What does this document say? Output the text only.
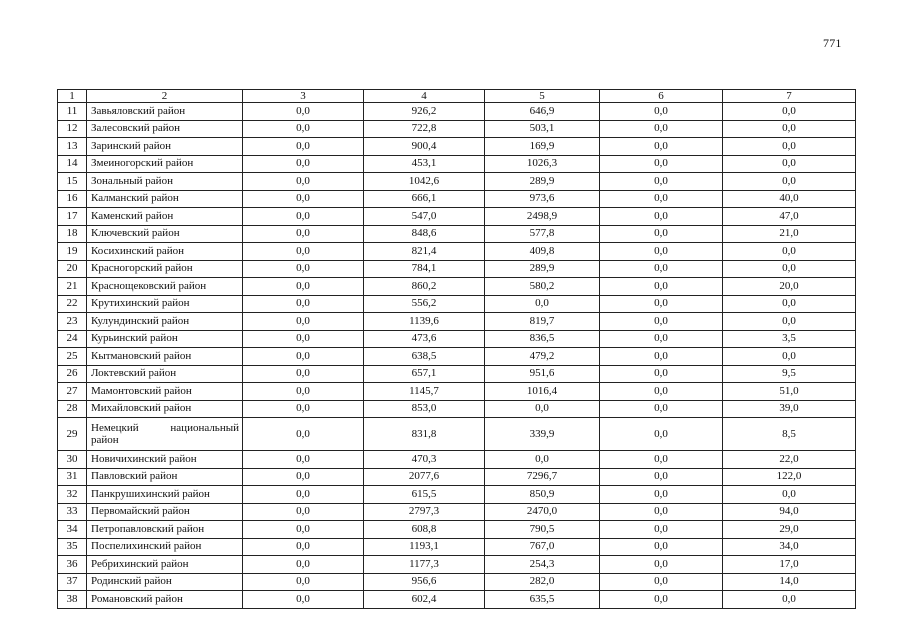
771
1	2	3	4	5	6	7
11	Завьяловский район	0,0	926,2	646,9	0,0	0,0
12	Залесовский район	0,0	722,8	503,1	0,0	0,0
13	Заринский район	0,0	900,4	169,9	0,0	0,0
14	Змеиногорский район	0,0	453,1	1026,3	0,0	0,0
15	Зональный район	0,0	1042,6	289,9	0,0	0,0
16	Калманский район	0,0	666,1	973,6	0,0	40,0
17	Каменский район	0,0	547,0	2498,9	0,0	47,0
18	Ключевский район	0,0	848,6	577,8	0,0	21,0
19	Косихинский район	0,0	821,4	409,8	0,0	0,0
20	Красногорский район	0,0	784,1	289,9	0,0	0,0
21	Краснощековский район	0,0	860,2	580,2	0,0	20,0
22	Крутихинский район	0,0	556,2	0,0	0,0	0,0
23	Кулундинский район	0,0	1139,6	819,7	0,0	0,0
24	Курьинский район	0,0	473,6	836,5	0,0	3,5
25	Кытмановский район	0,0	638,5	479,2	0,0	0,0
26	Локтевский район	0,0	657,1	951,6	0,0	9,5
27	Мамонтовский район	0,0	1145,7	1016,4	0,0	51,0
28	Михайловский район	0,0	853,0	0,0	0,0	39,0
29	Немецкий национальный район	0,0	831,8	339,9	0,0	8,5
30	Новичихинский район	0,0	470,3	0,0	0,0	22,0
31	Павловский район	0,0	2077,6	7296,7	0,0	122,0
32	Панкрушихинский район	0,0	615,5	850,9	0,0	0,0
33	Первомайский район	0,0	2797,3	2470,0	0,0	94,0
34	Петропавловский район	0,0	608,8	790,5	0,0	29,0
35	Поспелихинский район	0,0	1193,1	767,0	0,0	34,0
36	Ребрихинский район	0,0	1177,3	254,3	0,0	17,0
37	Родинский район	0,0	956,6	282,0	0,0	14,0
38	Романовский район	0,0	602,4	635,5	0,0	0,0
